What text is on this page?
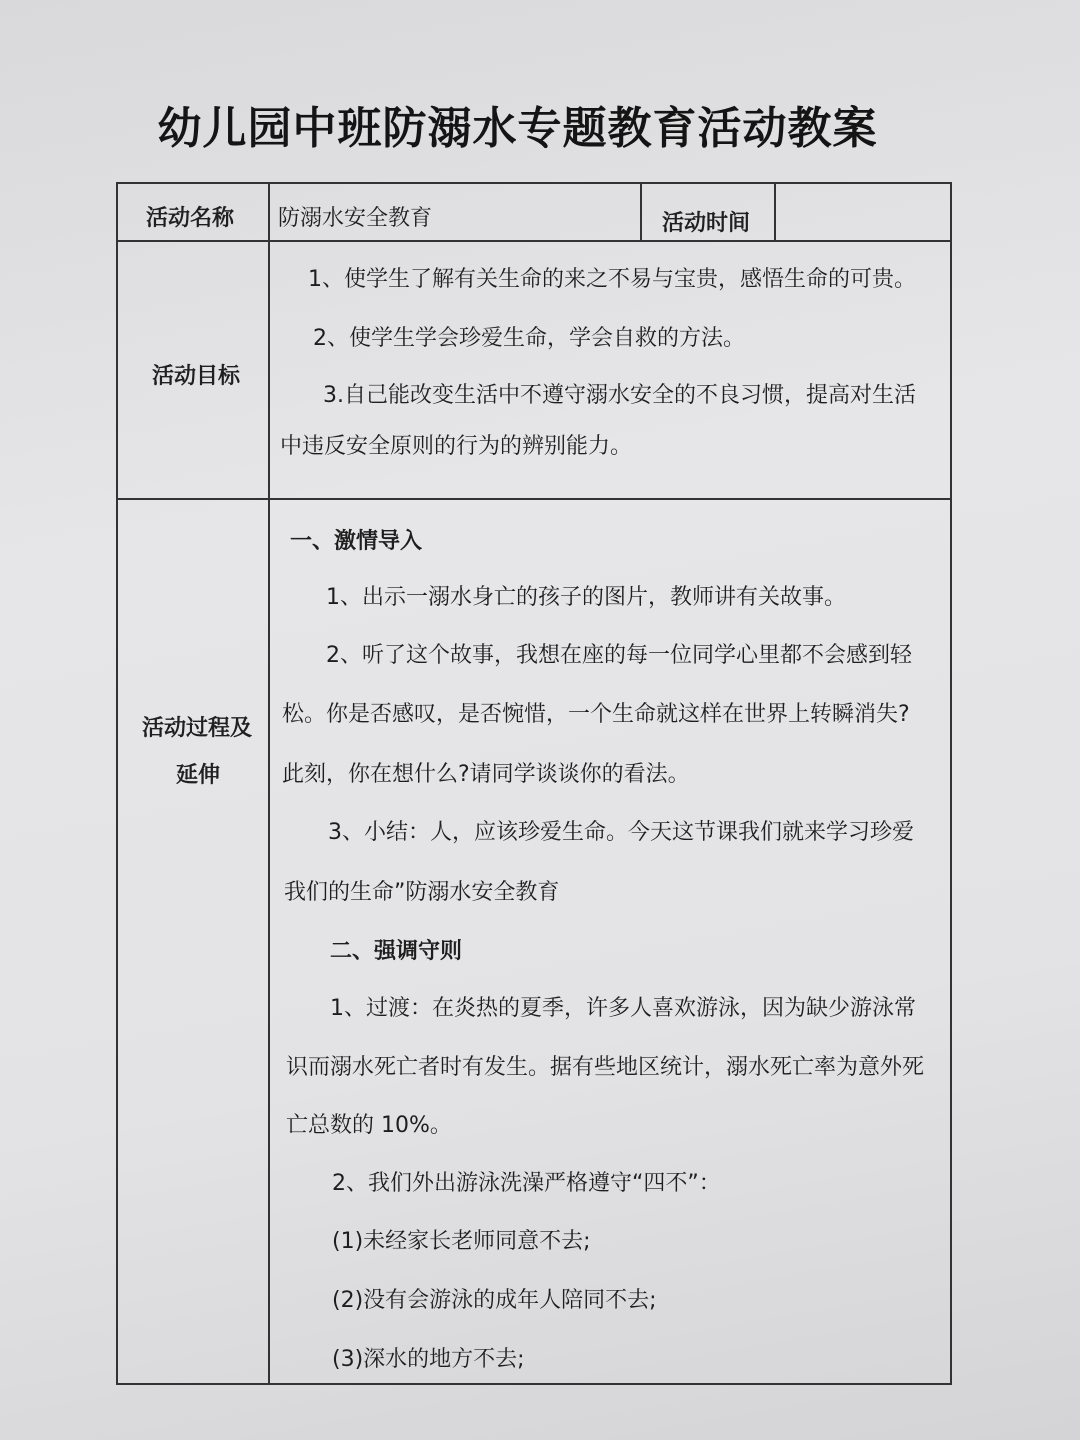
幼儿园中班防溺水专题教育活动教案
活动名称 防溺水安全教育	活动时间
活动目标
1、使学生了解有关生命的来之不易与宝贵，感悟生命的可贵。
2、使学生学会珍爱生命，学会自救的方法。
3.自己能改变生活中不遵守溺水安全的不良习惯，提高对生活
中违反安全原则的行为的辨别能力。
活动过程及
延伸
一、激情导入
1、出示一溺水身亡的孩子的图片，教师讲有关故事。
2、听了这个故事，我想在座的每一位同学心里都不会感到轻
松。你是否感叹，是否惋惜，一个生命就这样在世界上转瞬消失?
此刻，你在想什么?请同学谈谈你的看法。
3、小结：人，应该珍爱生命。今天这节课我们就来学习珍爱
我们的生命”防溺水安全教育
二、强调守则
1、过渡：在炎热的夏季，许多人喜欢游泳，因为缺少游泳常
识而溺水死亡者时有发生。据有些地区统计，溺水死亡率为意外死
亡总数的 10%。
2、我们外出游泳洗澡严格遵守“四不”：
(1)未经家长老师同意不去;
(2)没有会游泳的成年人陪同不去;
(3)深水的地方不去;
